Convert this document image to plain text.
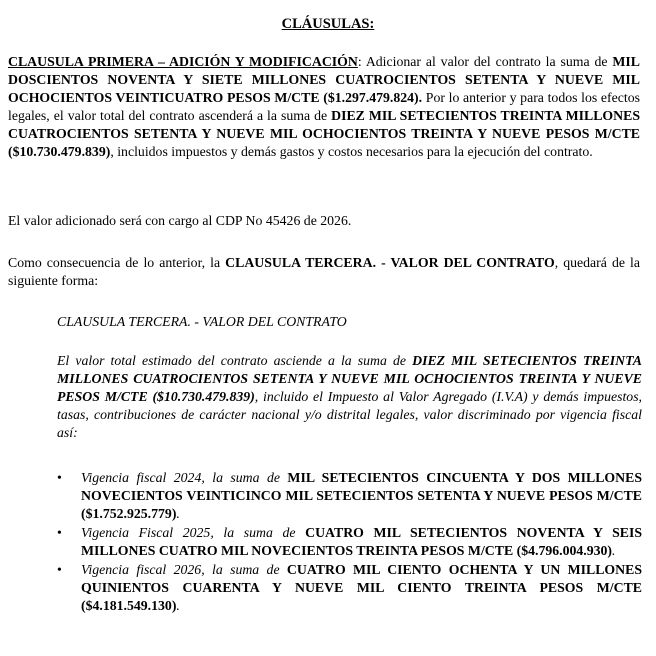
CLÁUSULAS:

CLAUSULA PRIMERA – ADICIÓN Y MODIFICACIÓN: Adicionar al valor del contrato la suma de MIL DOSCIENTOS NOVENTA Y SIETE MILLONES CUATROCIENTOS SETENTA Y NUEVE MIL OCHOCIENTOS VEINTICUATRO PESOS M/CTE ($1.297.479.824). Por lo anterior y para todos los efectos legales, el valor total del contrato ascenderá a la suma de DIEZ MIL SETECIENTOS TREINTA MILLONES CUATROCIENTOS SETENTA Y NUEVE MIL OCHOCIENTOS TREINTA Y NUEVE PESOS M/CTE ($10.730.479.839), incluidos impuestos y demás gastos y costos necesarios para la ejecución del contrato.

El valor adicionado será con cargo al CDP No 45426 de 2026.

Como consecuencia de lo anterior, la CLAUSULA TERCERA. - VALOR DEL CONTRATO, quedará de la siguiente forma:

CLAUSULA TERCERA. - VALOR DEL CONTRATO

El valor total estimado del contrato asciende a la suma de DIEZ MIL SETECIENTOS TREINTA MILLONES CUATROCIENTOS SETENTA Y NUEVE MIL OCHOCIENTOS TREINTA Y NUEVE PESOS M/CTE ($10.730.479.839), incluido el Impuesto al Valor Agregado (I.V.A) y demás impuestos, tasas, contribuciones de carácter nacional y/o distrital legales, valor discriminado por vigencia fiscal así:

• Vigencia fiscal 2024, la suma de MIL SETECIENTOS CINCUENTA Y DOS MILLONES NOVECIENTOS VEINTICINCO MIL SETECIENTOS SETENTA Y NUEVE PESOS M/CTE ($1.752.925.779).
• Vigencia Fiscal 2025, la suma de CUATRO MIL SETECIENTOS NOVENTA Y SEIS MILLONES CUATRO MIL NOVECIENTOS TREINTA PESOS M/CTE ($4.796.004.930).
• Vigencia fiscal 2026, la suma de CUATRO MIL CIENTO OCHENTA Y UN MILLONES QUINIENTOS CUARENTA Y NUEVE MIL CIENTO TREINTA PESOS M/CTE ($4.181.549.130).
